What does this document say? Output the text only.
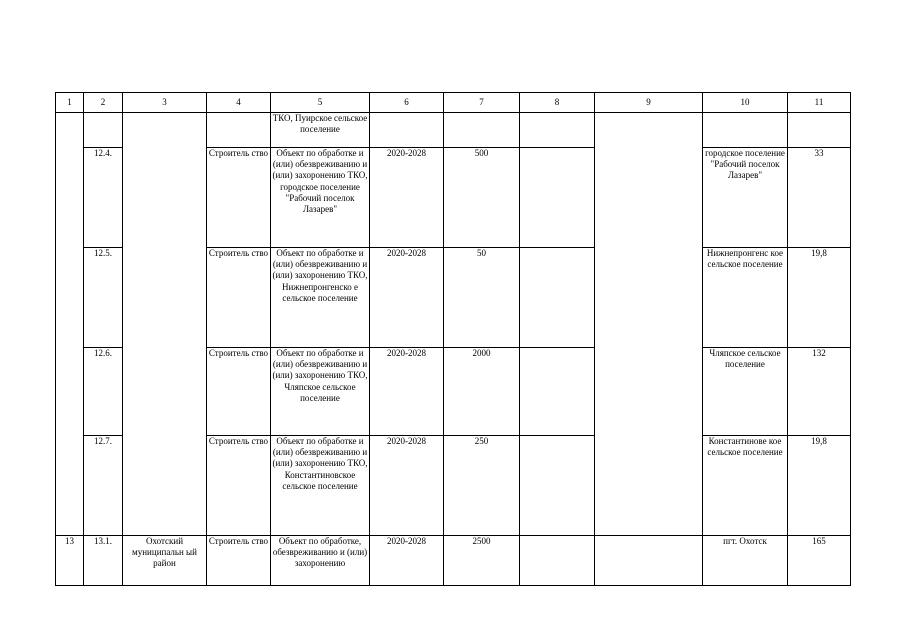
1	2	3	4	5	6	7	8	9	10	11
				ТКО, Пуирское сельское поселение						
	12.4.		Строитель ство	Объект по обработке и (или) обезвреживанию и (или) захоронению ТКО, городское поселение "Рабочий поселок Лазарев"	2020-2028	500			городское поселение "Рабочий поселок Лазарев"	33
	12.5.		Строитель ство	Объект по обработке и (или) обезвреживанию и (или) захоронению ТКО, Нижнепронгенско е сельское поселение	2020-2028	50			Нижнепронгенс кое сельское поселение	19,8
	12.6.		Строитель ство	Объект по обработке и (или) обезвреживанию и (или) захоронению ТКО, Чляпское сельское поселение	2020-2028	2000			Чляпское сельское поселение	132
	12.7.		Строитель ство	Объект по обработке и (или) обезвреживанию и (или) захоронению ТКО, Константиновское сельское поселение	2020-2028	250			Константинове кое сельское поселение	19,8
13	13.1.	Охотский муниципальн ый район	Строитель ство	Объект по обработке, обезвреживанию и (или) захоронению	2020-2028	2500			пгт. Охотск	165
